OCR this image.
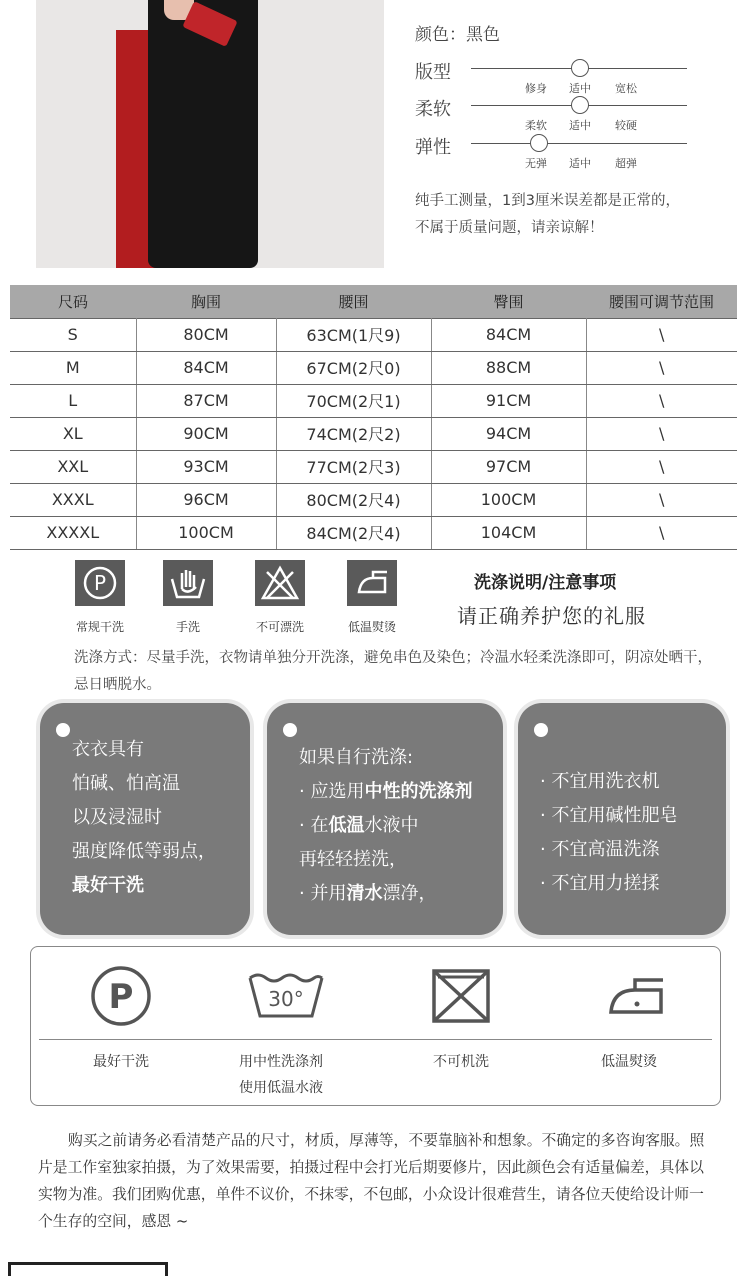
颜色：黑色
版型
修身 适中 宽松
柔软
柔软 适中 较硬
弹性
无弹 适中 超弹
纯手工测量，1到3厘米误差都是正常的，
不属于质量问题，请亲谅解！
尺码	胸围	腰围	臀围	腰围可调节范围
S	80CM	63CM(1尺9)	84CM	\
M	84CM	67CM(2尺0)	88CM	\
L	87CM	70CM(2尺1)	91CM	\
XL	90CM	74CM(2尺2)	94CM	\
XXL	93CM	77CM(2尺3)	97CM	\
XXXL	96CM	80CM(2尺4)	100CM	\
XXXXL	100CM	84CM(2尺4)	104CM	\
P
常规干洗	手洗	不可漂洗	低温熨烫
洗涤说明/注意事项
请正确养护您的礼服
洗涤方式：尽量手洗，衣物请单独分开洗涤，避免串色及染色；冷温水轻柔洗涤即可，阴凉处晒干，忌日晒脱水。
衣衣具有
怕碱、怕高温
以及浸湿时
强度降低等弱点，
最好干洗
如果自行洗涤:
· 应选用中性的洗涤剂
· 在低温水液中
再轻轻搓洗，
· 并用清水漂净，
· 不宜用洗衣机
· 不宜用碱性肥皂
· 不宜高温洗涤
· 不宜用力搓揉
P	30°
最好干洗	用中性洗涤剂
使用低温水液
不可机洗	低温熨烫
购买之前请务必看清楚产品的尺寸，材质，厚薄等，不要靠脑补和想象。不确定的多咨询客服。照片是工作室独家拍摄，为了效果需要，拍摄过程中会打光后期要修片，因此颜色会有适量偏差，具体以实物为准。我们团购优惠，单件不议价，不抹零，不包邮，小众设计很难营生，请各位天使给设计师一个生存的空间，感恩 ~
